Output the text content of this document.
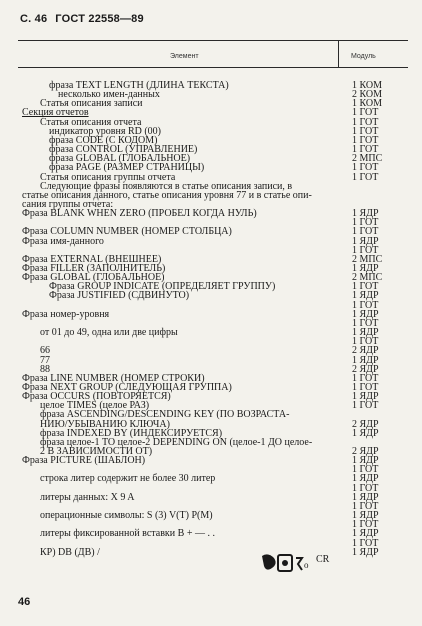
С. 46 ГОСТ 22558—89
Элемент	Модуль
фраза TEXT LENGTH (ДЛИНА ТЕКСТА)	1 КОМ
несколько имен-данных	2 КОМ
Статья описания записи	1 КОМ
Секция отчетов	1 ГОТ
Статья описания отчета	1 ГОТ
индикатор уровня RD (00)	1 ГОТ
фраза CODE (С КОДОМ)	1 ГОТ
фраза CONTROL (УПРАВЛЕНИЕ)	1 ГОТ
фраза GLOBAL (ГЛОБАЛЬНОЕ)	2 МПС
фраза PAGE (РАЗМЕР СТРАНИЦЫ)	1 ГОТ
Статья описания группы отчета	1 ГОТ
Следующие фразы появляются в статье описания записи, в
статье описания данного, статье описания уровня 77 и в статье опи-
сания группы отчета:
Фраза BLANK WHEN ZERO (ПРОБЕЛ КОГДА НУЛЬ)	1 ЯДР
1 ГОТ
Фраза COLUMN NUMBER (НОМЕР СТОЛБЦА)	1 ГОТ
Фраза имя-данного	1 ЯДР
1 ГОТ
Фраза EXTERNAL (ВНЕШНЕЕ)	2 МПС
Фраза FILLER (ЗАПОЛНИТЕЛЬ)	1 ЯДР
Фраза GLOBAL (ГЛОБАЛЬНОЕ)	2 МПС
Фраза GROUP INDICATE (ОПРЕДЕЛЯЕТ ГРУППУ)	1 ГОТ
Фраза JUSTIFIED (СДВИНУТО)	1 ЯДР
1 ГОТ
Фраза номер-уровня	1 ЯДР
1 ГОТ
от 01 до 49, одна или две цифры	1 ЯДР
1 ГОТ
66	2 ЯДР
77	1 ЯДР
88	2 ЯДР
Фраза LINE NUMBER (НОМЕР СТРОКИ)	1 ГОТ
Фраза NEXT GROUP (СЛЕДУЮЩАЯ ГРУППА)	1 ГОТ
Фраза OCCURS (ПОВТОРЯЕТСЯ)	1 ЯДР
целое TIMES (целое РАЗ)	1 ГОТ
фраза ASCENDING/DESCENDING KEY (ПО ВОЗРАСТА-
НИЮ/УБЫВАНИЮ КЛЮЧА)	2 ЯДР
фраза INDEXED BY (ИНДЕКСИРУЕТСЯ)	1 ЯДР
фраза целое-1 TO целое-2 DEPENDING ON (целое-1 ДО целое-
2 В ЗАВИСИМОСТИ ОТ)	2 ЯДР
Фраза PICTURE (ШАБЛОН)	1 ЯДР
1 ГОТ
строка литер содержит не более 30 литер	1 ЯДР
1 ГОТ
литеры данных: X 9 A	1 ЯДР
1 ГОТ
операционные символы: S (3) V(T) P(M)	1 ЯДР
1 ГОТ
литеры фиксированной вставки B + — . .	1 ЯДР
1 ГОТ
КР) DB (ДВ) /	1 ЯДР
o CR
46
